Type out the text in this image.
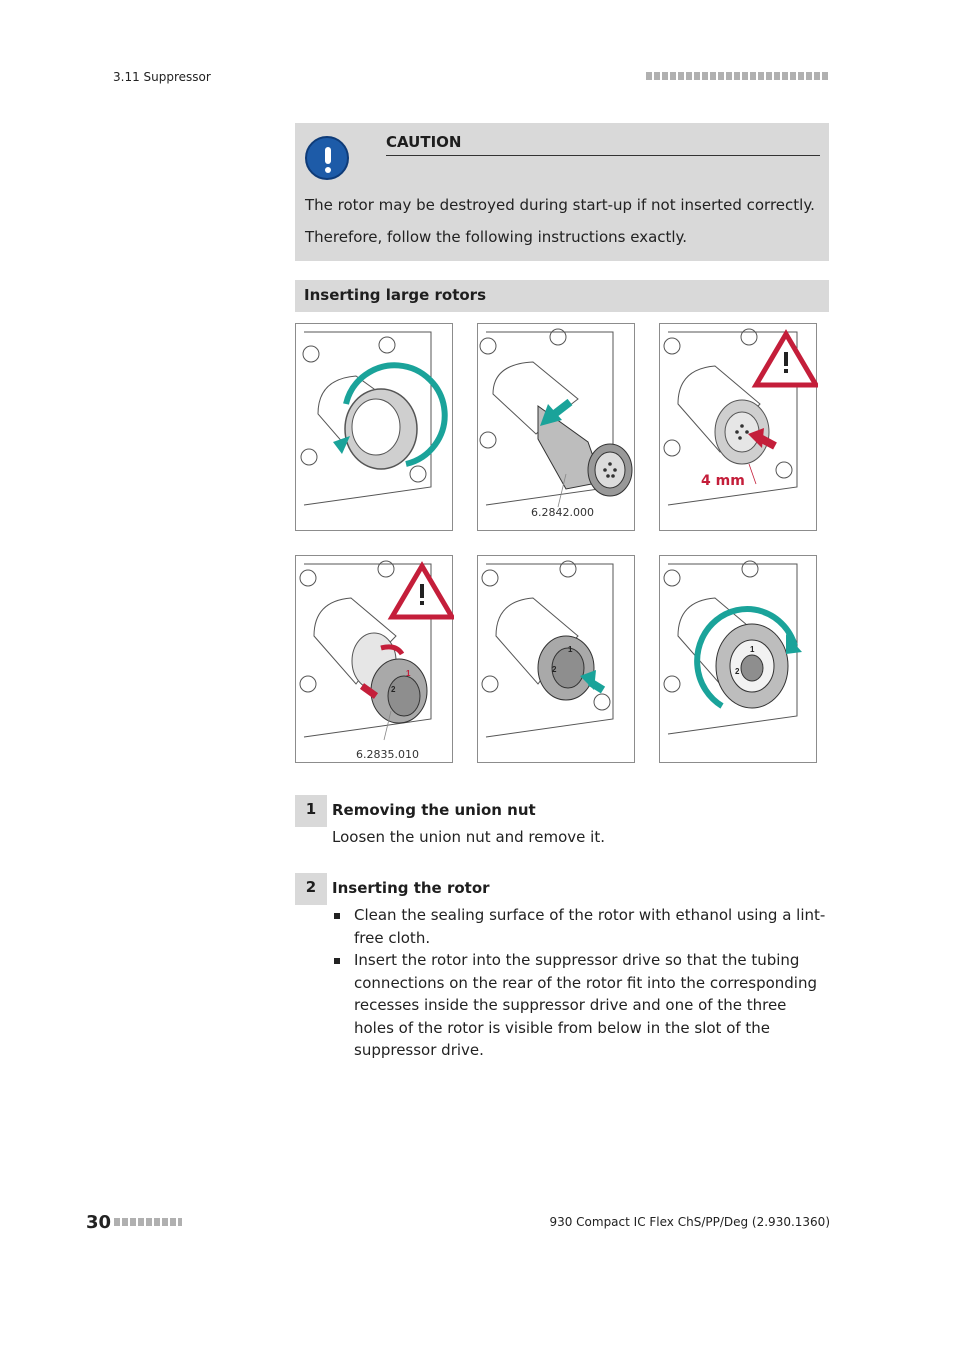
3.11 Suppressor
CAUTION
The rotor may be destroyed during start-up if not inserted correctly.
Therefore, follow the following instructions exactly.
Inserting large rotors
6.2842.000
4 mm
1
2
6.2835.010
1
2
1
2
1	Removing the union nut
Loosen the union nut and remove it.
2	Inserting the rotor
Clean the sealing surface of the rotor with ethanol using a lint-free cloth.
Insert the rotor into the suppressor drive so that the tubing connections on the rear of the rotor fit into the corresponding recesses inside the suppressor drive and one of the three holes of the rotor is visible from below in the slot of the suppressor drive.
30	930 Compact IC Flex ChS/PP/Deg (2.930.1360)
